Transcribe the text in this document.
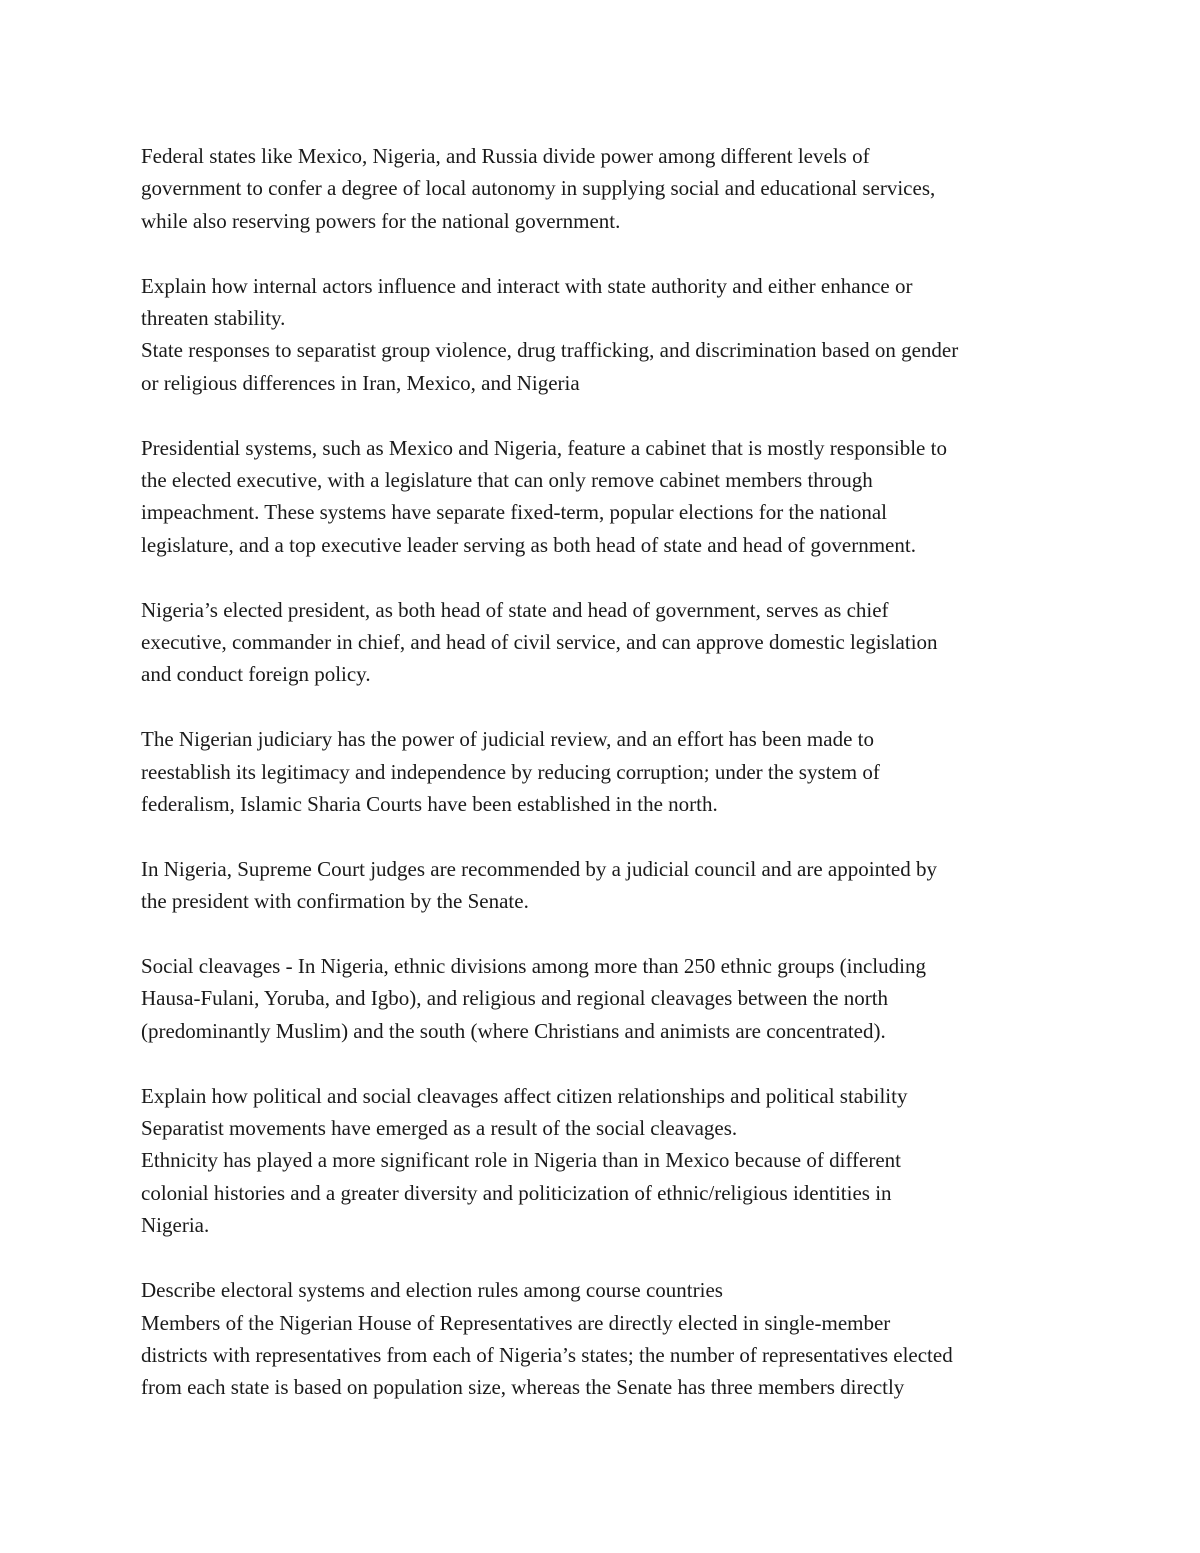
Federal states like Mexico, Nigeria, and Russia divide power among different levels of
government to confer a degree of local autonomy in supplying social and educational services,
while also reserving powers for the national government.

Explain how internal actors influence and interact with state authority and either enhance or
threaten stability.
State responses to separatist group violence, drug trafficking, and discrimination based on gender
or religious differences in Iran, Mexico, and Nigeria

Presidential systems, such as Mexico and Nigeria, feature a cabinet that is mostly responsible to
the elected executive, with a legislature that can only remove cabinet members through
impeachment. These systems have separate fixed-term, popular elections for the national
legislature, and a top executive leader serving as both head of state and head of government.

Nigeria’s elected president, as both head of state and head of government, serves as chief
executive, commander in chief, and head of civil service, and can approve domestic legislation
and conduct foreign policy.

The Nigerian judiciary has the power of judicial review, and an effort has been made to
reestablish its legitimacy and independence by reducing corruption; under the system of
federalism, Islamic Sharia Courts have been established in the north.

In Nigeria, Supreme Court judges are recommended by a judicial council and are appointed by
the president with confirmation by the Senate.

Social cleavages - In Nigeria, ethnic divisions among more than 250 ethnic groups (including
Hausa-Fulani, Yoruba, and Igbo), and religious and regional cleavages between the north
(predominantly Muslim) and the south (where Christians and animists are concentrated).

Explain how political and social cleavages affect citizen relationships and political stability
Separatist movements have emerged as a result of the social cleavages.
Ethnicity has played a more significant role in Nigeria than in Mexico because of different
colonial histories and a greater diversity and politicization of ethnic/religious identities in
Nigeria.

Describe electoral systems and election rules among course countries
Members of the Nigerian House of Representatives are directly elected in single-member
districts with representatives from each of Nigeria’s states; the number of representatives elected
from each state is based on population size, whereas the Senate has three members directly
